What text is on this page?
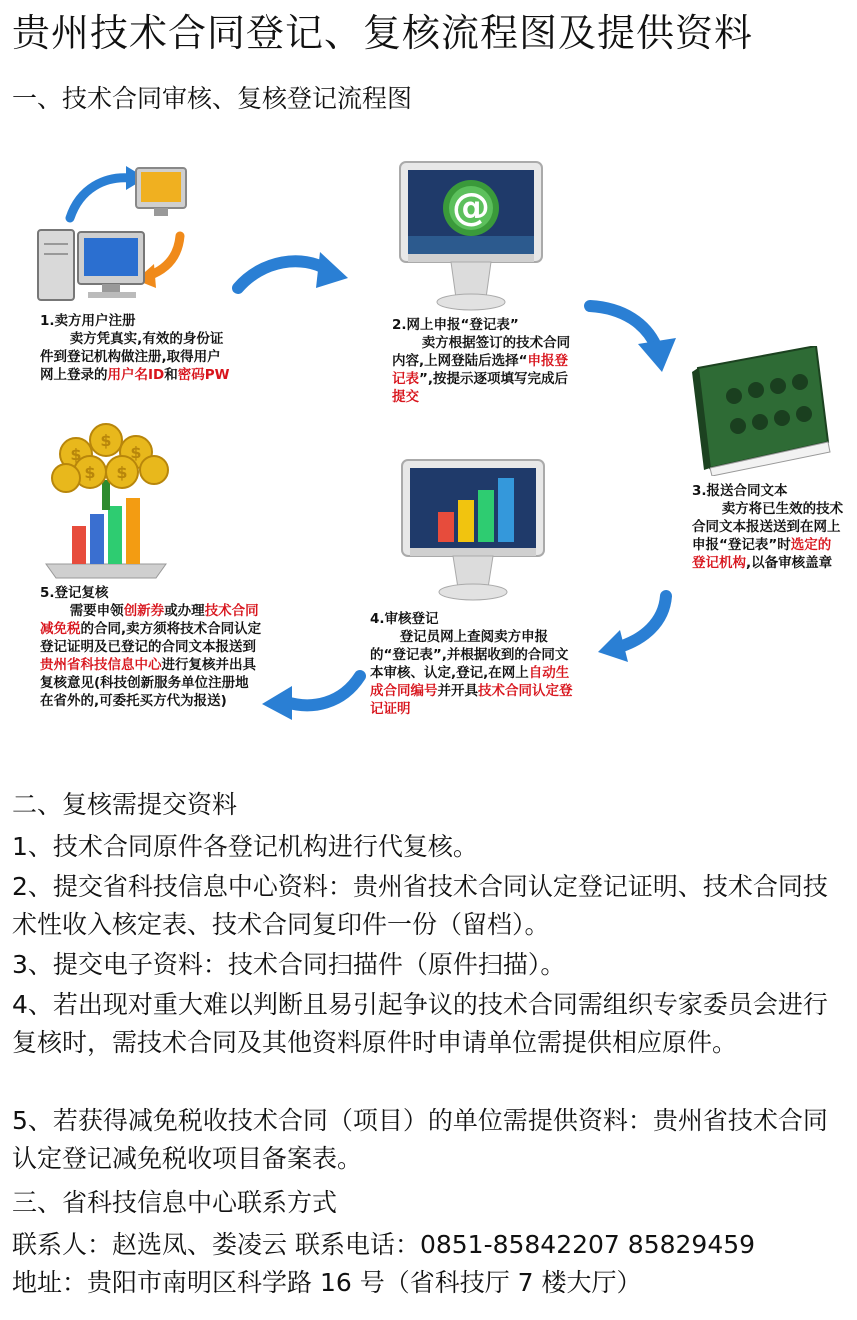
贵州技术合同登记、复核流程图及提供资料
一、技术合同审核、复核登记流程图
@
$
$
$
$ $
1.卖方用户注册
卖方凭真实,有效的身份证件到登记机构做注册,取得用户网上登录的用户名ID和密码PW
2.网上申报“登记表”
卖方根据签订的技术合同内容,上网登陆后选择“申报登记表”,按提示逐项填写完成后提交
3.报送合同文本
卖方将已生效的技术合同文本报送送到在网上申报“登记表”时选定的登记机构,以备审核盖章
4.审核登记
登记员网上查阅卖方申报的“登记表”,并根据收到的合同文本审核、认定,登记,在网上自动生成合同编号并开具技术合同认定登记证明
5.登记复核
需要申领创新券或办理技术合同减免税的合同,卖方须将技术合同认定登记证明及已登记的合同文本报送到贵州省科技信息中心进行复核并出具复核意见(科技创新服务单位注册地在省外的,可委托买方代为报送)
二、复核需提交资料
1、技术合同原件各登记机构进行代复核。
2、提交省科技信息中心资料：贵州省技术合同认定登记证明、技术合同技术性收入核定表、技术合同复印件一份（留档）。
3、提交电子资料：技术合同扫描件（原件扫描）。
4、若出现对重大难以判断且易引起争议的技术合同需组织专家委员会进行复核时，需技术合同及其他资料原件时申请单位需提供相应原件。
5、若获得减免税收技术合同（项目）的单位需提供资料：贵州省技术合同认定登记减免税收项目备案表。
三、省科技信息中心联系方式
联系人：赵选凤、娄凌云 联系电话：0851-85842207 85829459
地址：贵阳市南明区科学路 16 号（省科技厅 7 楼大厅）
